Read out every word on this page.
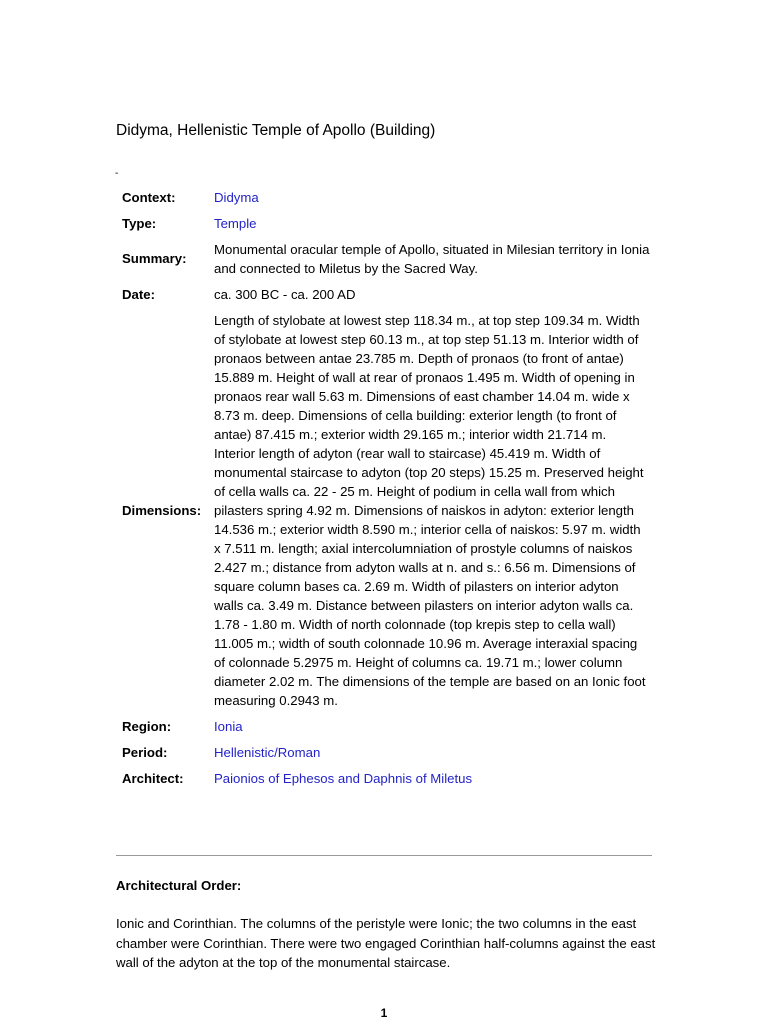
Didyma, Hellenistic Temple of Apollo (Building)
-
Context:	Didyma
Type:	Temple
Summary:	Monumental oracular temple of Apollo, situated in Milesian territory in Ionia and connected to Miletus by the Sacred Way.
Date:	ca. 300 BC - ca. 200 AD
Dimensions:	Length of stylobate at lowest step 118.34 m., at top step 109.34 m. Width of stylobate at lowest step 60.13 m., at top step 51.13 m. Interior width of pronaos between antae 23.785 m. Depth of pronaos (to front of antae) 15.889 m. Height of wall at rear of pronaos 1.495 m. Width of opening in pronaos rear wall 5.63 m. Dimensions of east chamber 14.04 m. wide x 8.73 m. deep. Dimensions of cella building: exterior length (to front of antae) 87.415 m.; exterior width 29.165 m.; interior width 21.714 m. Interior length of adyton (rear wall to staircase) 45.419 m. Width of monumental staircase to adyton (top 20 steps) 15.25 m. Preserved height of cella walls ca. 22 - 25 m. Height of podium in cella wall from which pilasters spring 4.92 m. Dimensions of naiskos in adyton: exterior length 14.536 m.; exterior width 8.590 m.; interior cella of naiskos: 5.97 m. width x 7.511 m. length; axial intercolumniation of prostyle columns of naiskos 2.427 m.; distance from adyton walls at n. and s.: 6.56 m. Dimensions of square column bases ca. 2.69 m. Width of pilasters on interior adyton walls ca. 3.49 m. Distance between pilasters on interior adyton walls ca. 1.78 - 1.80 m. Width of north colonnade (top krepis step to cella wall) 11.005 m.; width of south colonnade 10.96 m. Average interaxial spacing of colonnade 5.2975 m. Height of columns ca. 19.71 m.; lower column diameter 2.02 m. The dimensions of the temple are based on an Ionic foot measuring 0.2943 m.
Region:	Ionia
Period:	Hellenistic/Roman
Architect:	Paionios of Ephesos and Daphnis of Miletus
Architectural Order:

Ionic and Corinthian. The columns of the peristyle were Ionic; the two columns in the east chamber were Corinthian. There were two engaged Corinthian half-columns against the east wall of the adyton at the top of the monumental staircase.

1
